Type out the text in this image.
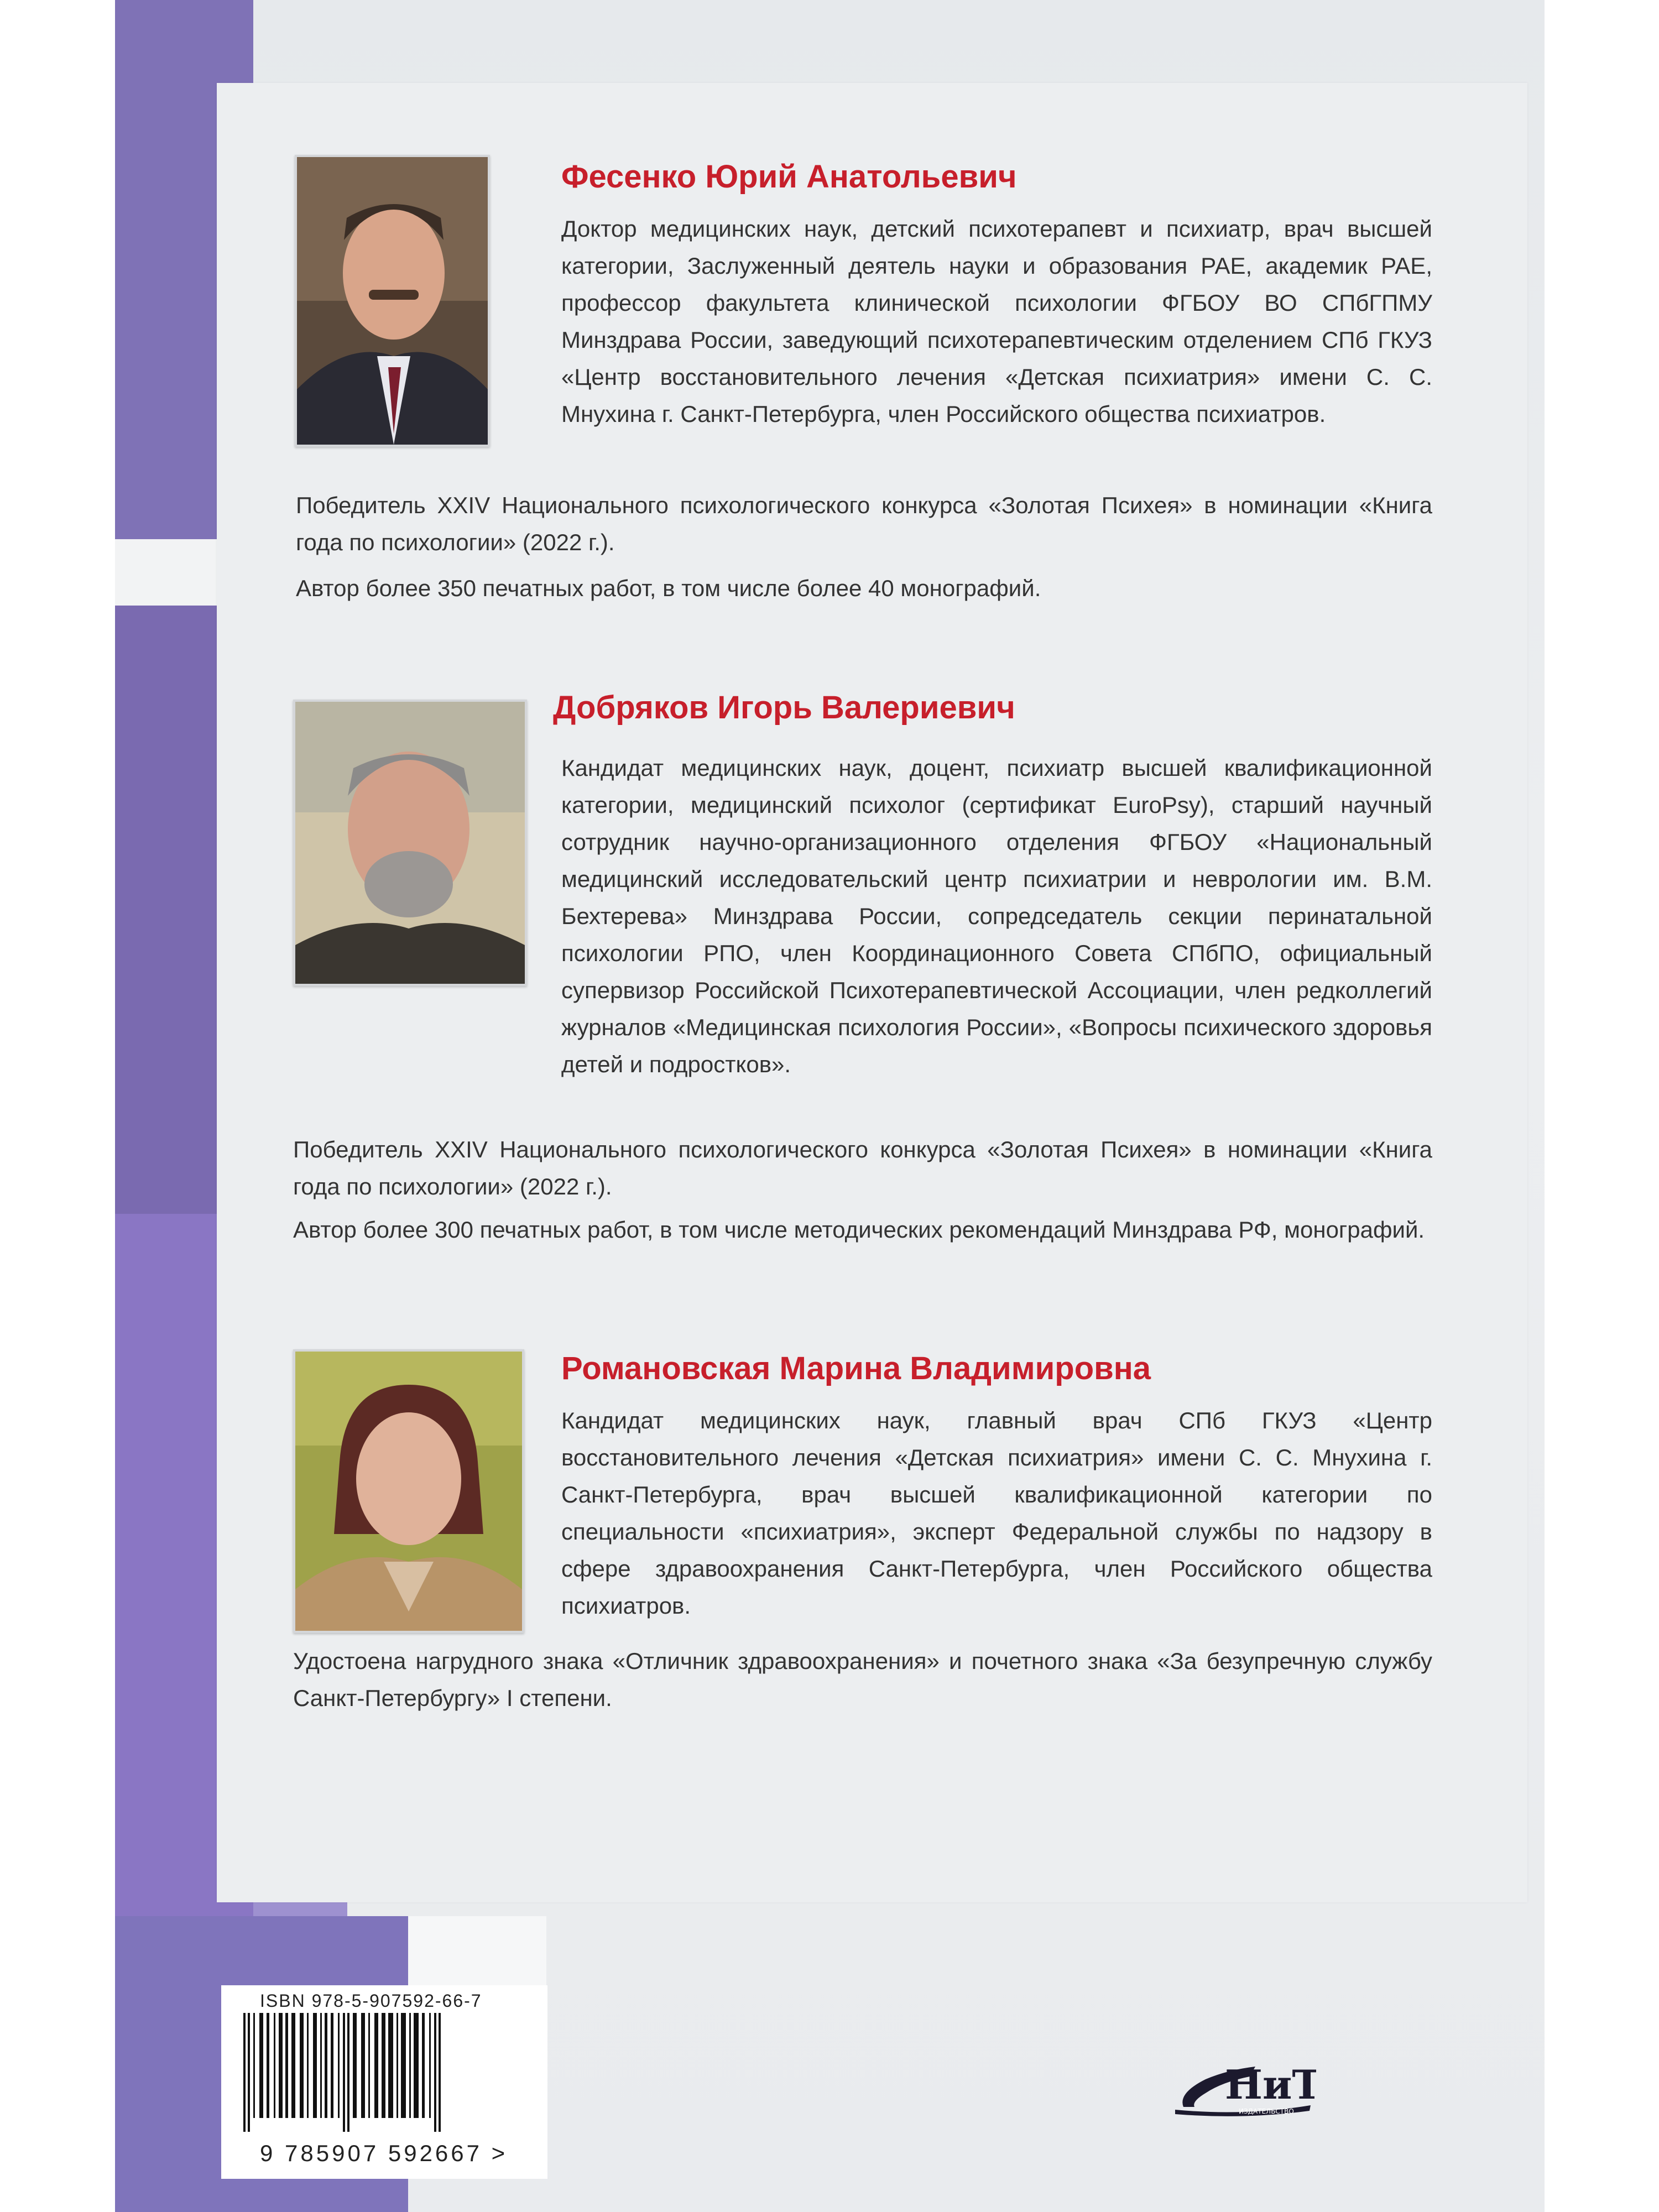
Фесенко Юрий Анатольевич

Доктор медицинских наук, детский психотерапевт и психиатр, врач высшей категории, Заслуженный деятель науки и образования РАЕ, академик РАЕ, профессор факультета клинической психологии ФГБОУ ВО СПбГПМУ Минздрава России, заведующий психотерапевтическим отделением СПб ГКУЗ «Центр восстановительного лечения «Детская психиатрия» имени С. С. Мнухина г. Санкт-Петербурга, член Российского общества психиатров.

Победитель XXIV Национального психологического конкурса «Золотая Психея» в номинации «Книга года по психологии» (2022 г.).

Автор более 350 печатных работ, в том числе более 40 монографий.

Добряков Игорь Валериевич

Кандидат медицинских наук, доцент, психиатр высшей квалификационной категории, медицинский психолог (сертификат EuroPsy), старший научный сотрудник научно-организационного отделения ФГБОУ «Национальный медицинский исследовательский центр психиатрии и неврологии им. В.М. Бехтерева» Минздрава России, сопредседатель секции перинатальной психологии РПО, член Координационного Совета СПбПО, официальный супервизор Российской Психотерапевтической Ассоциации, член редколлегий журналов «Медицинская психология России», «Вопросы психического здоровья детей и подростков».

Победитель XXIV Национального психологического конкурса «Золотая Психея» в номинации «Книга года по психологии» (2022 г.).

Автор более 300 печатных работ, в том числе методических рекомендаций Минздрава РФ, монографий.

Романовская Марина Владимировна

Кандидат медицинских наук, главный врач СПб ГКУЗ «Центр восстановительного лечения «Детская психиатрия» имени С. С. Мнухина г. Санкт-Петербурга, врач высшей квалификационной категории по специальности «психиатрия», эксперт Федеральной службы по надзору в сфере здравоохранения Санкт-Петербурга, член Российского общества психиатров.

Удостоена нагрудного знака «Отличник здравоохранения» и почетного знака «За безупречную службу Санкт-Петербургу» I степени.

ISBN 978-5-907592-66-7
9 785907 592667 >
НиТ
ИЗДАТЕЛЬСТВО
